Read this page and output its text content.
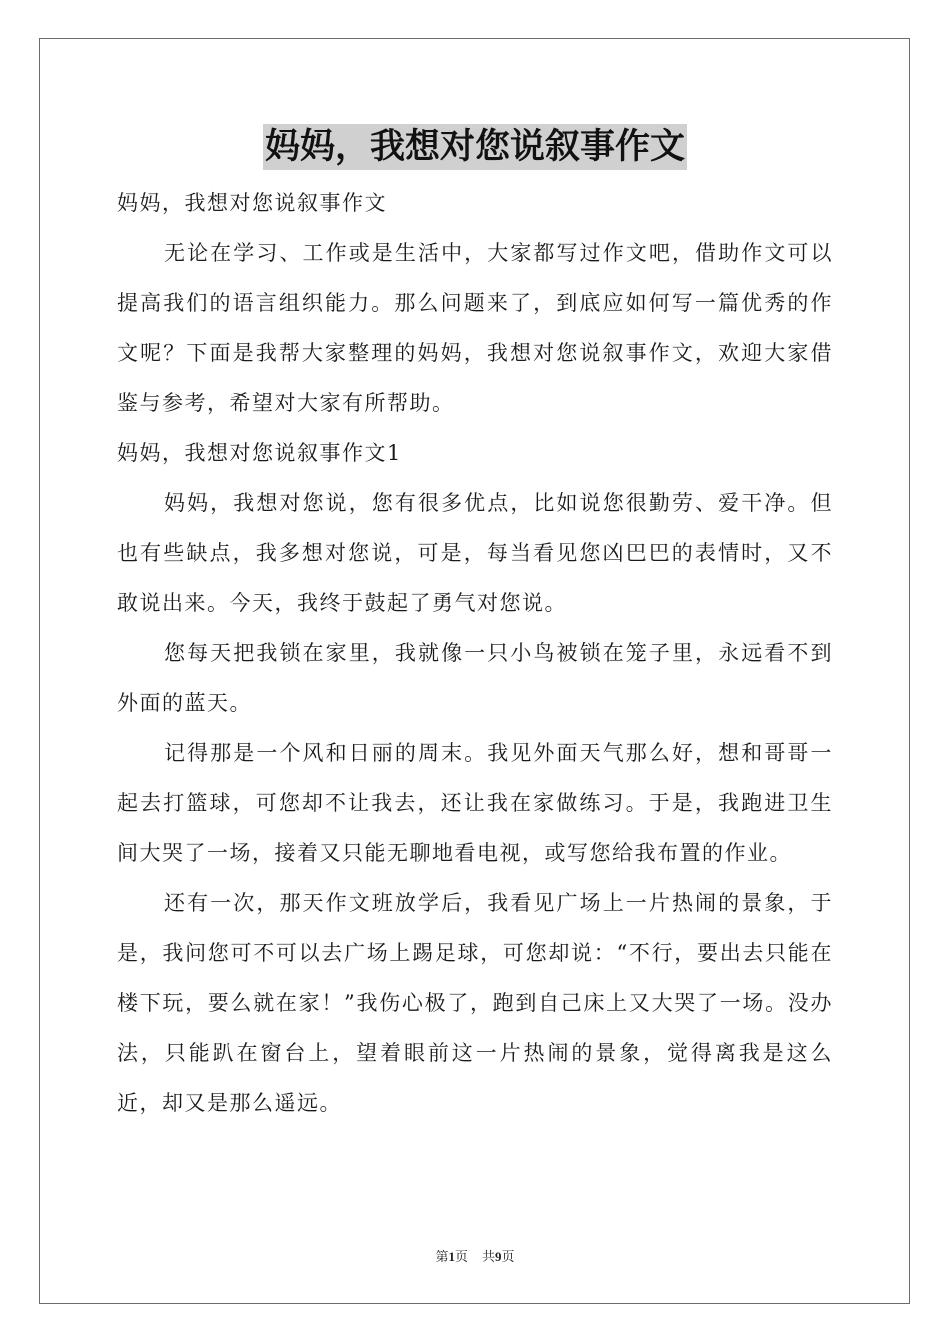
妈妈，我想对您说叙事作文

妈妈，我想对您说叙事作文

无论在学习、工作或是生活中，大家都写过作文吧，借助作文可以提高我们的语言组织能力。那么问题来了，到底应如何写一篇优秀的作文呢？下面是我帮大家整理的妈妈，我想对您说叙事作文，欢迎大家借鉴与参考，希望对大家有所帮助。

妈妈，我想对您说叙事作文1

妈妈，我想对您说，您有很多优点，比如说您很勤劳、爱干净。但也有些缺点，我多想对您说，可是，每当看见您凶巴巴的表情时，又不敢说出来。今天，我终于鼓起了勇气对您说。

您每天把我锁在家里，我就像一只小鸟被锁在笼子里，永远看不到外面的蓝天。

记得那是一个风和日丽的周末。我见外面天气那么好，想和哥哥一起去打篮球，可您却不让我去，还让我在家做练习。于是，我跑进卫生间大哭了一场，接着又只能无聊地看电视，或写您给我布置的作业。

还有一次，那天作文班放学后，我看见广场上一片热闹的景象，于是，我问您可不可以去广场上踢足球，可您却说：“不行，要出去只能在楼下玩，要么就在家！”我伤心极了，跑到自己床上又大哭了一场。没办法，只能趴在窗台上，望着眼前这一片热闹的景象，觉得离我是这么近，却又是那么遥远。

第1页 共9页
